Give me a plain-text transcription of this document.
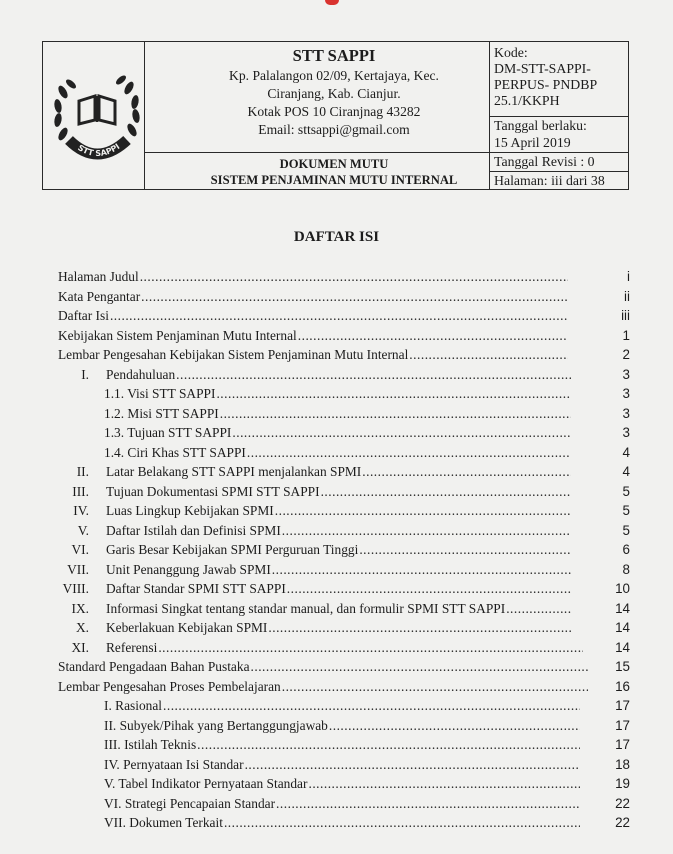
STT SAPPI
STT SAPPI
Kp. Palalangon 02/09, Kertajaya, Kec.
Ciranjang, Kab. Cianjur.
Kotak POS 10 Ciranjnag 43282
Email: sttsappi@gmail.com
DOKUMEN MUTU
SISTEM PENJAMINAN MUTU INTERNAL
Kode:
DM-STT-SAPPI-
PERPUS- PNDBP
25.1/KKPH
Tanggal berlaku:
15 April 2019
Tanggal Revisi : 0
Halaman: iii dari 38
DAFTAR ISI
Halaman Judul .....	i
Kata Pengantar .....	ii
Daftar Isi .....	iii
Kebijakan Sistem Penjaminan Mutu Internal .....	1
Lembar Pengesahan Kebijakan Sistem Penjaminan Mutu Internal .....	2
I.	Pendahuluan .....	3
1.1. Visi STT SAPPI .....	3
1.2. Misi STT SAPPI .....	3
1.3. Tujuan STT SAPPI .....	3
1.4. Ciri Khas STT SAPPI .....	4
II.	Latar Belakang STT SAPPI menjalankan SPMI .....	4
III.	Tujuan Dokumentasi SPMI STT SAPPI .....	5
IV.	Luas Lingkup Kebijakan SPMI .....	5
V.	Daftar Istilah dan Definisi SPMI .....	5
VI.	Garis Besar Kebijakan SPMI Perguruan Tinggi .....	6
VII.	Unit Penanggung Jawab SPMI .....	8
VIII.	Daftar Standar SPMI STT SAPPI .....	10
IX.	Informasi Singkat tentang standar manual, dan formulir SPMI STT SAPPI .....	14
X.	Keberlakuan Kebijakan SPMI .....	14
XI.	Referensi .....	14
Standard Pengadaan Bahan Pustaka .....	15
Lembar Pengesahan Proses Pembelajaran .....	16
I. Rasional .....	17
II. Subyek/Pihak yang Bertanggungjawab .....	17
III. Istilah Teknis .....	17
IV. Pernyataan Isi Standar .....	18
V. Tabel Indikator Pernyataan Standar .....	19
VI. Strategi Pencapaian Standar .....	22
VII. Dokumen Terkait .....	22
